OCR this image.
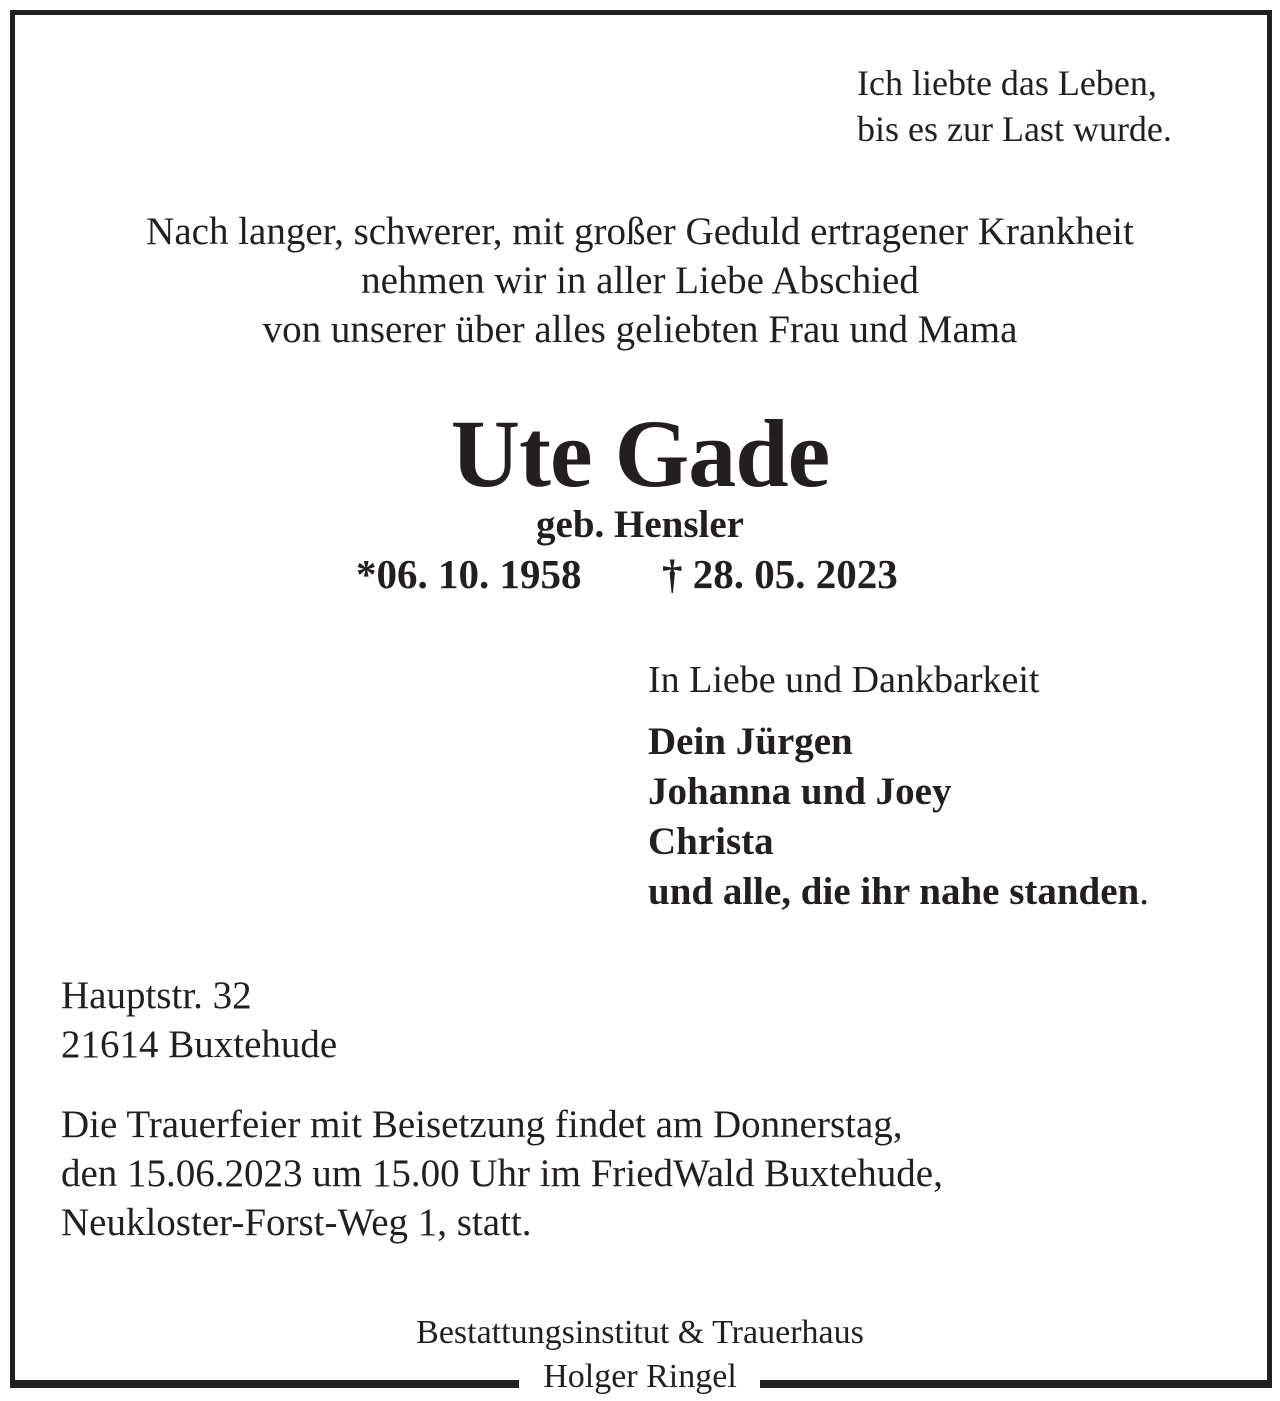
Ich liebte das Leben,
bis es zur Last wurde.
Nach langer, schwerer, mit großer Geduld ertragener Krankheit
nehmen wir in aller Liebe Abschied
von unserer über alles geliebten Frau und Mama
Ute Gade
geb. Hensler
*06. 10. 1958 † 28. 05. 2023
In Liebe und Dankbarkeit
Dein Jürgen
Johanna und Joey
Christa
und alle, die ihr nahe standen.
Hauptstr. 32
21614 Buxtehude
Die Trauerfeier mit Beisetzung findet am Donnerstag,
den 15.06.2023 um 15.00 Uhr im FriedWald Buxtehude,
Neukloster-Forst-Weg 1, statt.
Bestattungsinstitut & Trauerhaus
Holger Ringel
